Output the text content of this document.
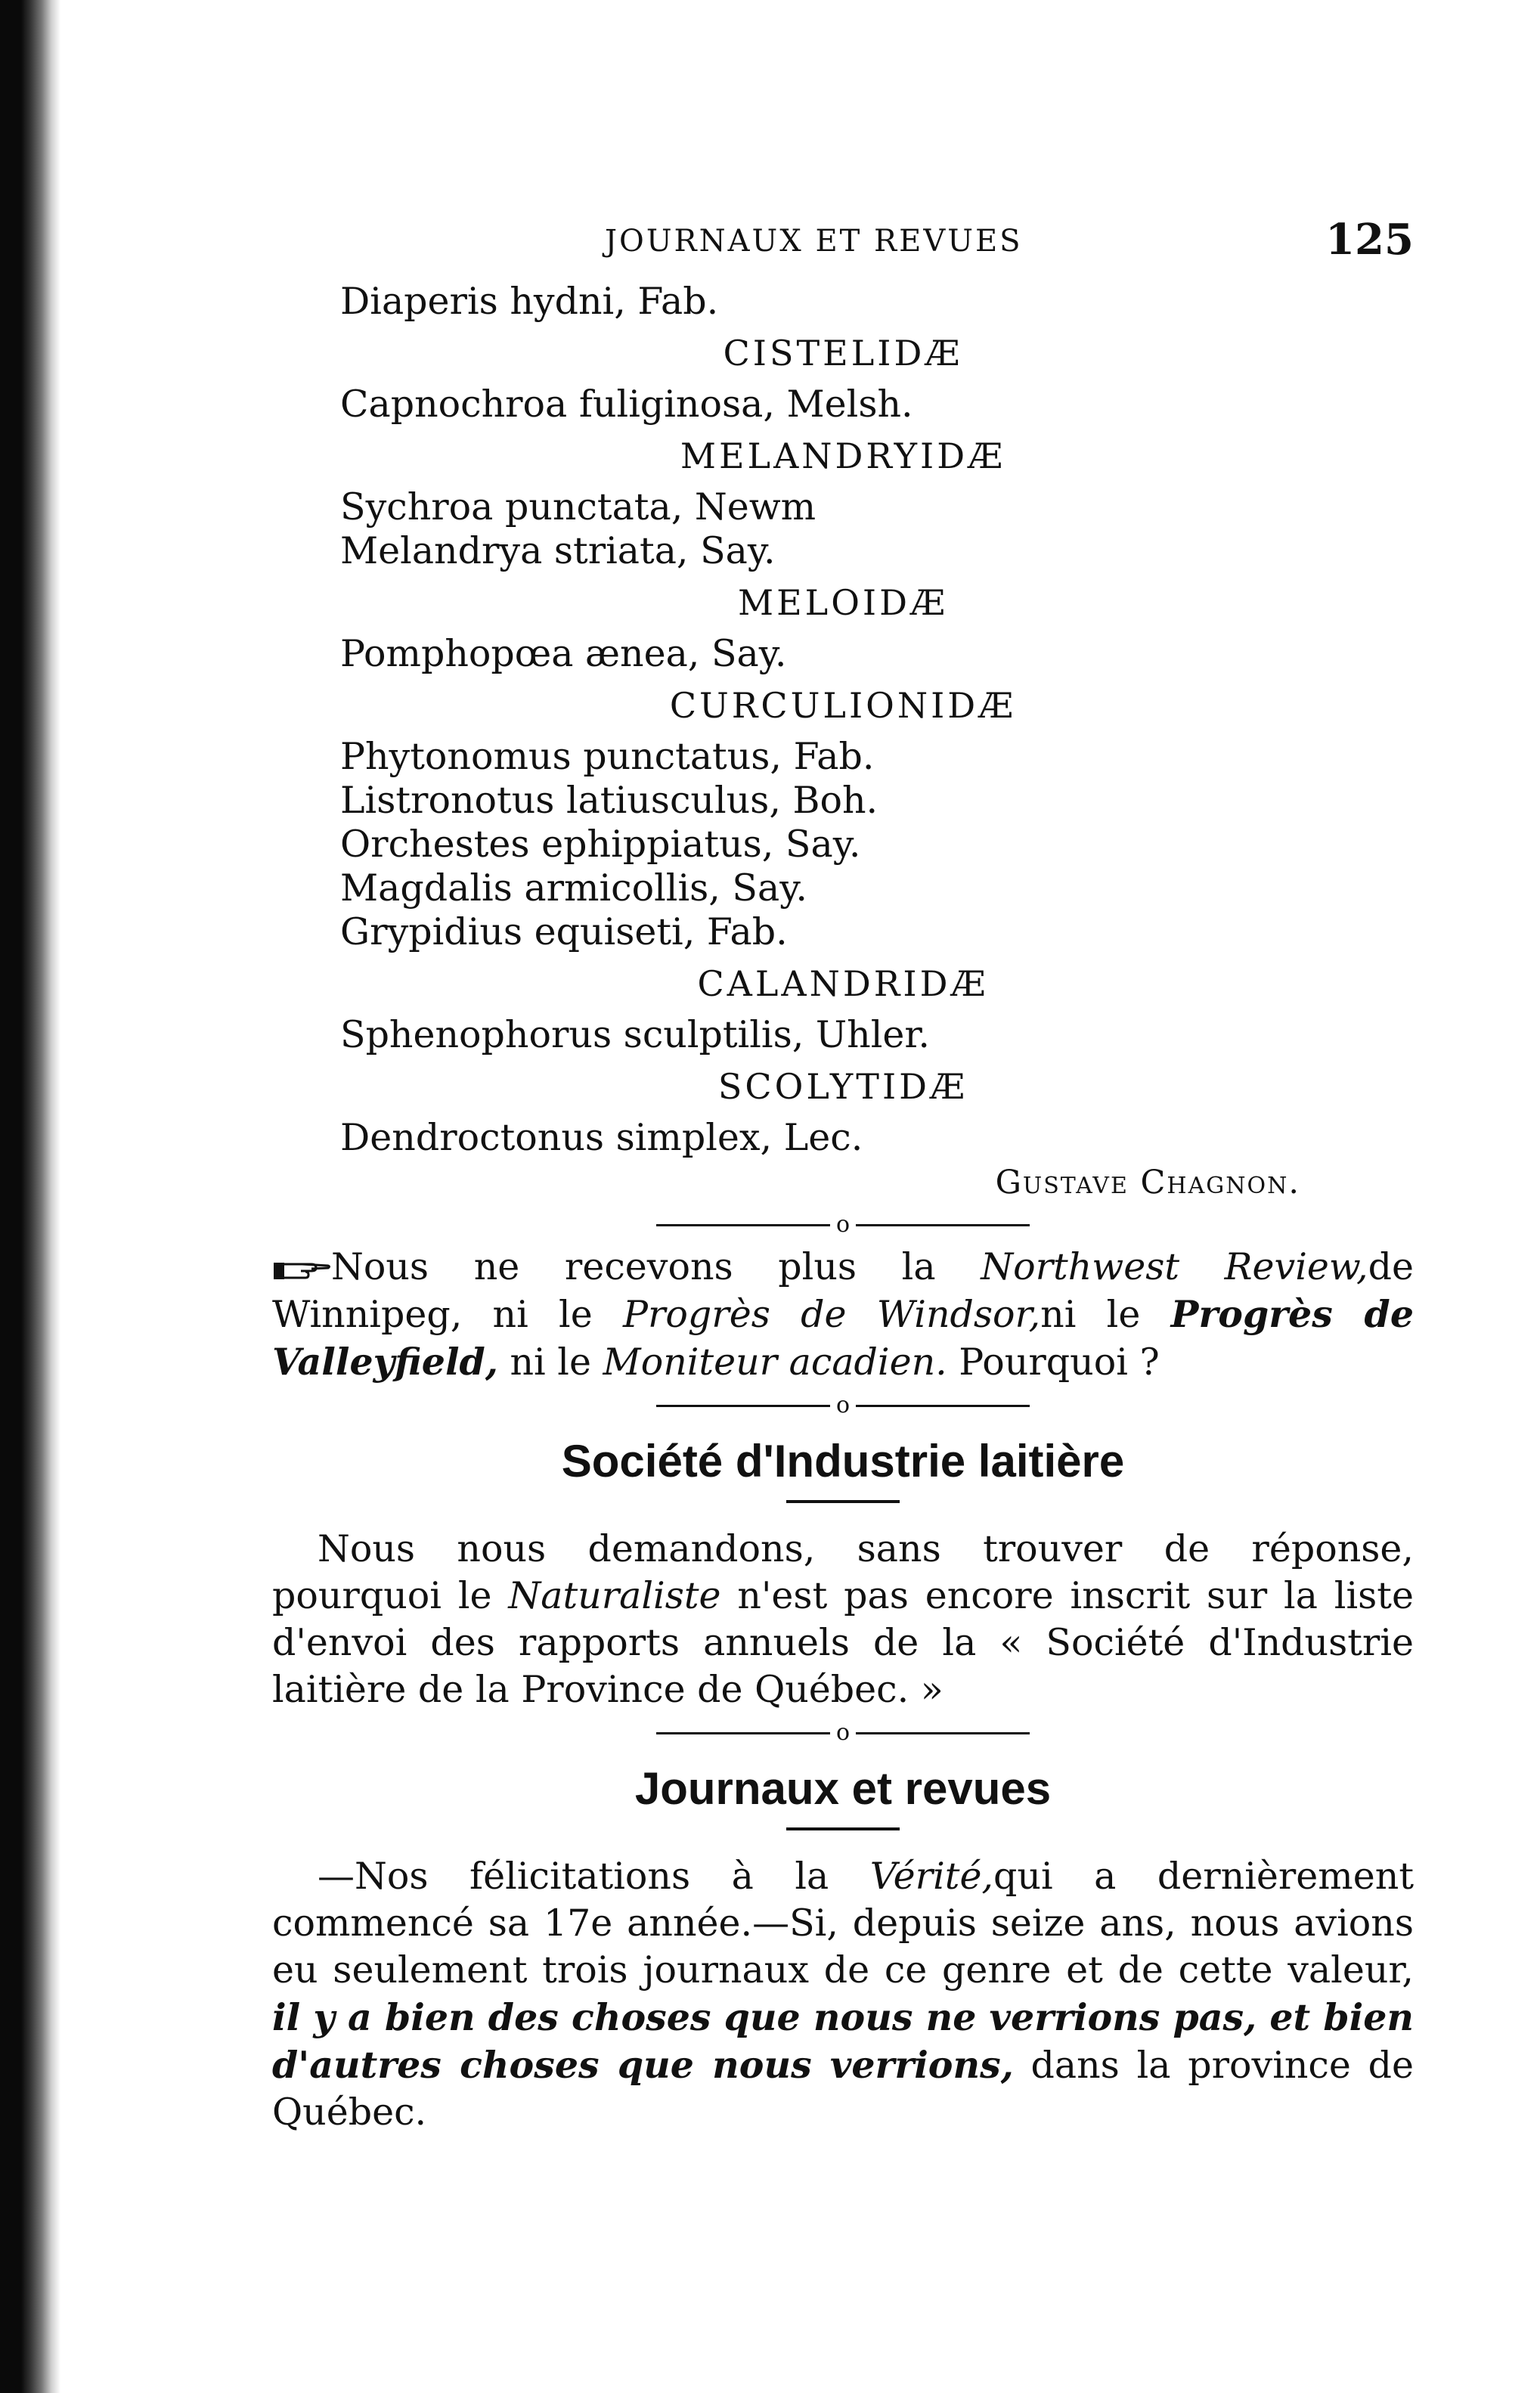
JOURNAUX ET REVUES	125
Diaperis hydni, Fab.
CISTELIDÆ
Capnochroa fuliginosa, Melsh.
MELANDRYIDÆ
Sychroa punctata, Newm
Melandrya striata, Say.
MELOIDÆ
Pomphopœa ænea, Say.
CURCULIONIDÆ
Phytonomus punctatus, Fab.
Listronotus latiusculus, Boh.
Orchestes ephippiatus, Say.
Magdalis armicollis, Say.
Grypidius equiseti, Fab.
CALANDRIDÆ
Sphenophorus sculptilis, Uhler.
SCOLYTIDÆ
Dendroctonus simplex, Lec.
Gustave Chagnon.
o
Nous ne recevons plus la Northwest Review,de Winnipeg, ni le Progrès de Windsor,ni le Progrès de Valleyfield, ni le Moniteur acadien. Pourquoi ?
o
Société d'Industrie laitière
Nous nous demandons, sans trouver de réponse, pourquoi le Naturaliste n'est pas encore inscrit sur la liste d'envoi des rapports annuels de la « Société d'Industrie laitière de la Province de Québec. »
o
Journaux et revues
—Nos félicitations à la Vérité,qui a dernièrement commencé sa 17e année.—Si, depuis seize ans, nous avions eu seulement trois journaux de ce genre et de cette valeur, il y a bien des choses que nous ne verrions pas, et bien d'autres choses que nous verrions, dans la province de Québec.
